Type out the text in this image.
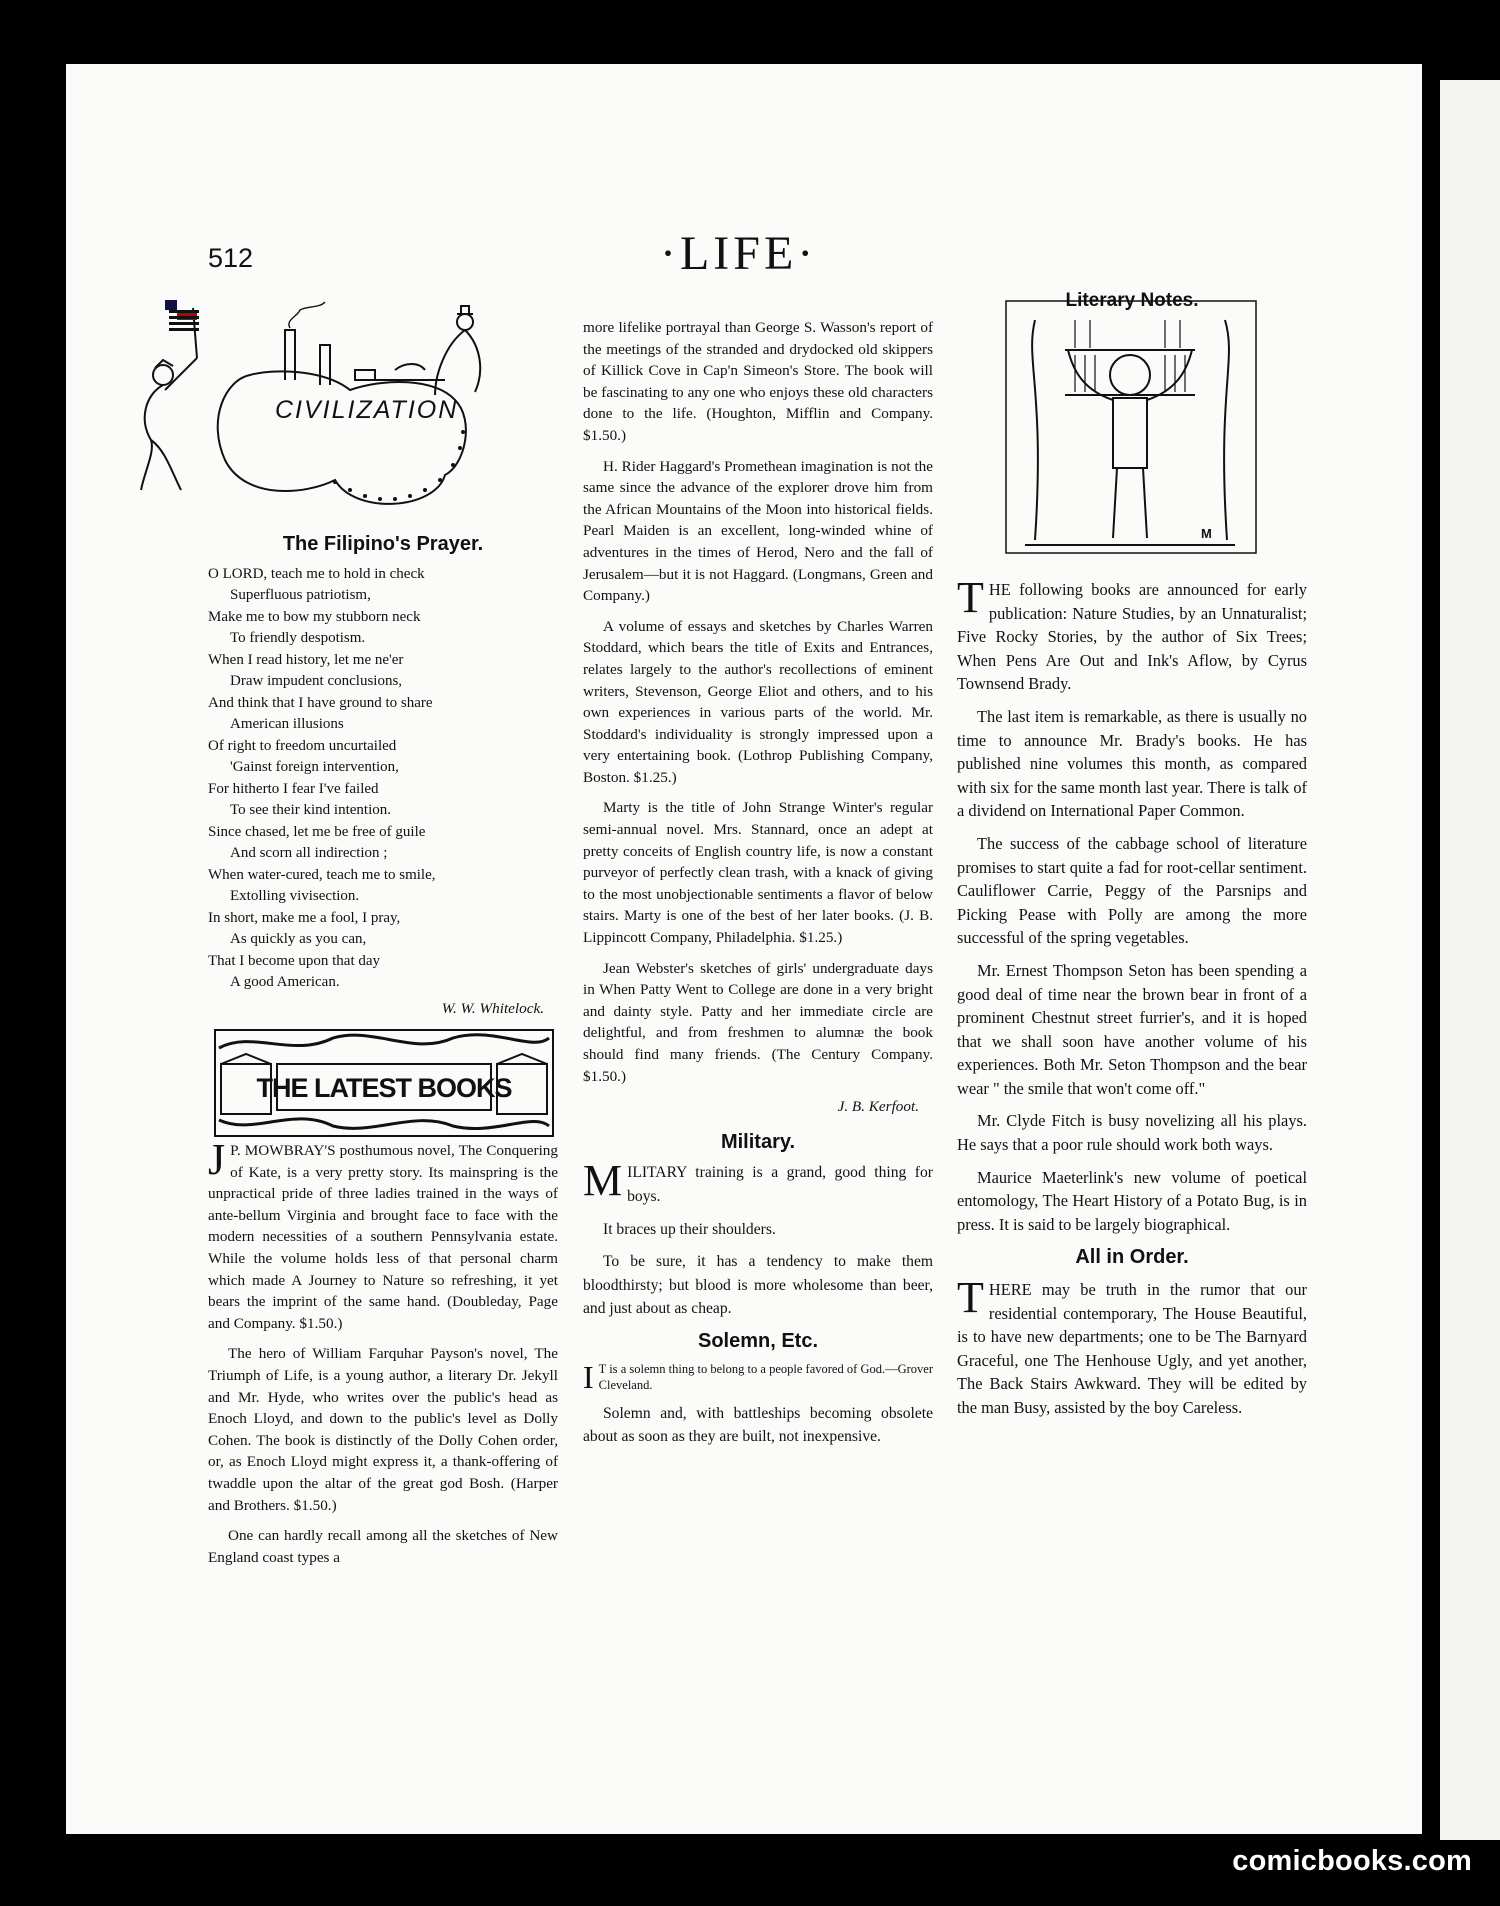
512	·LIFE·
CIVILIZATION
The Filipino's Prayer.
O LORD, teach me to hold in check
Superfluous patriotism,
Make me to bow my stubborn neck
To friendly despotism.
When I read history, let me ne'er
Draw impudent conclusions,
And think that I have ground to share
American illusions
Of right to freedom uncurtailed
'Gainst foreign intervention,
For hitherto I fear I've failed
To see their kind intention.
Since chased, let me be free of guile
And scorn all indirection ;
When water-cured, teach me to smile,
Extolling vivisection.
In short, make me a fool, I pray,
As quickly as you can,
That I become upon that day
A good American.
W. W. Whitelock.
THE LATEST BOOKS

J P. MOWBRAY'S posthumous novel, The Conquering of Kate, is a very pretty story. Its mainspring is the unpractical pride of three ladies trained in the ways of ante-bellum Virginia and brought face to face with the modern necessities of a southern Pennsylvania estate. While the volume holds less of that personal charm which made A Journey to Nature so refreshing, it yet bears the imprint of the same hand. (Doubleday, Page and Company. $1.50.)

The hero of William Farquhar Payson's novel, The Triumph of Life, is a young author, a literary Dr. Jekyll and Mr. Hyde, who writes over the public's head as Enoch Lloyd, and down to the public's level as Dolly Cohen. The book is distinctly of the Dolly Cohen order, or, as Enoch Lloyd might express it, a thank-offering of twaddle upon the altar of the great god Bosh. (Harper and Brothers. $1.50.)

One can hardly recall among all the sketches of New England coast types a

more lifelike portrayal than George S. Wasson's report of the meetings of the stranded and drydocked old skippers of Killick Cove in Cap'n Simeon's Store. The book will be fascinating to any one who enjoys these old characters done to the life. (Houghton, Mifflin and Company. $1.50.)

H. Rider Haggard's Promethean imagination is not the same since the advance of the explorer drove him from the African Mountains of the Moon into historical fields. Pearl Maiden is an excellent, long-winded whine of adventures in the times of Herod, Nero and the fall of Jerusalem—but it is not Haggard. (Longmans, Green and Company.)

A volume of essays and sketches by Charles Warren Stoddard, which bears the title of Exits and Entrances, relates largely to the author's recollections of eminent writers, Stevenson, George Eliot and others, and to his own experiences in various parts of the world. Mr. Stoddard's individuality is strongly impressed upon a very entertaining book. (Lothrop Publishing Company, Boston. $1.25.)

Marty is the title of John Strange Winter's regular semi-annual novel. Mrs. Stannard, once an adept at pretty conceits of English country life, is now a constant purveyor of perfectly clean trash, with a knack of giving to the most unobjectionable sentiments a flavor of below stairs. Marty is one of the best of her later books. (J. B. Lippincott Company, Philadelphia. $1.25.)

Jean Webster's sketches of girls' undergraduate days in When Patty Went to College are done in a very bright and dainty style. Patty and her immediate circle are delightful, and from freshmen to alumnæ the book should find many friends. (The Century Company. $1.50.)

J. B. Kerfoot.
Military.

MILITARY training is a grand, good thing for boys.

It braces up their shoulders.

To be sure, it has a tendency to make them bloodthirsty; but blood is more wholesome than beer, and just about as cheap.

Solemn, Etc.

I T is a solemn thing to belong to a people favored of God.—Grover Cleveland.

Solemn and, with battleships becoming obsolete about as soon as they are built, not inexpensive.

M
Literary Notes.

THE following books are announced for early publication: Nature Studies, by an Unnaturalist; Five Rocky Stories, by the author of Six Trees; When Pens Are Out and Ink's Aflow, by Cyrus Townsend Brady.

The last item is remarkable, as there is usually no time to announce Mr. Brady's books. He has published nine volumes this month, as compared with six for the same month last year. There is talk of a dividend on International Paper Common.

The success of the cabbage school of literature promises to start quite a fad for root-cellar sentiment. Cauliflower Carrie, Peggy of the Parsnips and Picking Pease with Polly are among the more successful of the spring vegetables.

Mr. Ernest Thompson Seton has been spending a good deal of time near the brown bear in front of a prominent Chestnut street furrier's, and it is hoped that we shall soon have another volume of his experiences. Both Mr. Seton Thompson and the bear wear " the smile that won't come off."

Mr. Clyde Fitch is busy novelizing all his plays. He says that a poor rule should work both ways.

Maurice Maeterlink's new volume of poetical entomology, The Heart History of a Potato Bug, is in press. It is said to be largely biographical.

All in Order.

THERE may be truth in the rumor that our residential contemporary, The House Beautiful, is to have new departments; one to be The Barnyard Graceful, one The Henhouse Ugly, and yet another, The Back Stairs Awkward. They will be edited by the man Busy, assisted by the boy Careless.

comicbooks.com
